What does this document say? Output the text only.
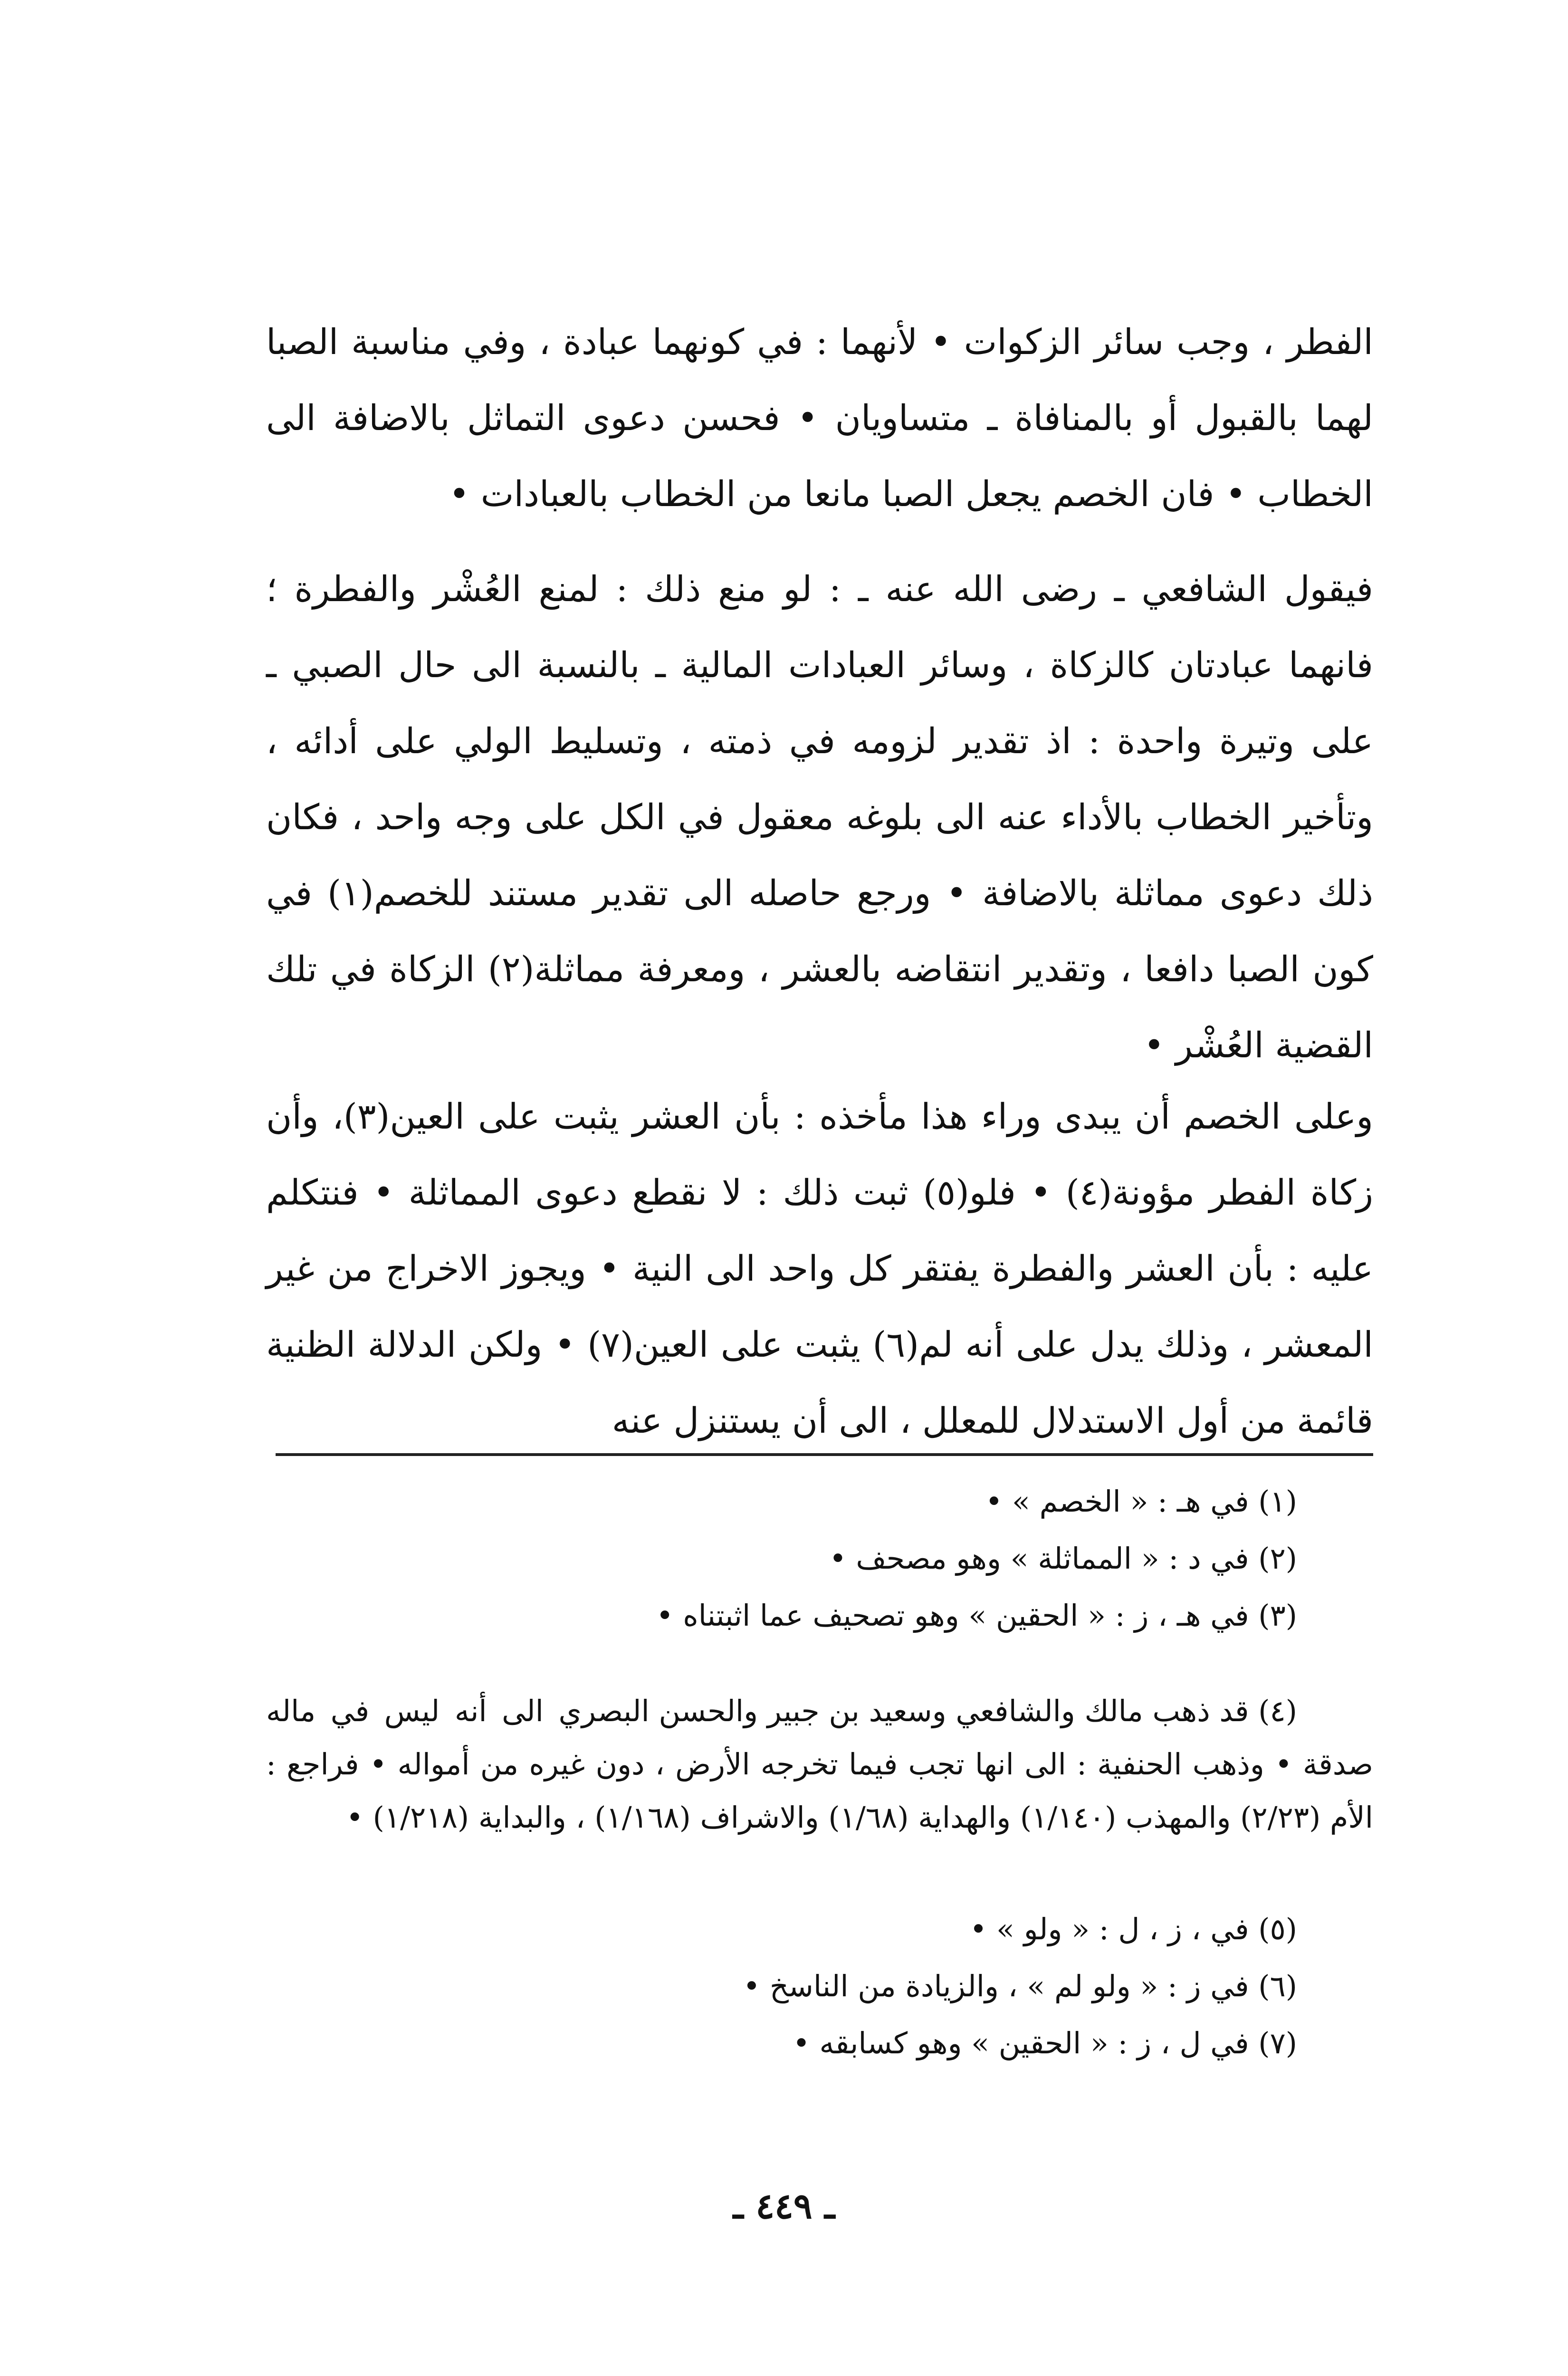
الفطر ، وجب سائر الزكوات • لأنهما : في كونهما عبادة ، وفي مناسبة الصبا لهما بالقبول أو بالمنافاة ـ متساويان • فحسن دعوى التماثل بالاضافة الى الخطاب • فان الخصم يجعل الصبا مانعا من الخطاب بالعبادات •

فيقول الشافعي ـ رضى الله عنه ـ : لو منع ذلك : لمنع العُشْر والفطرة ؛ فانهما عبادتان كالزكاة ، وسائر العبادات المالية ـ بالنسبة الى حال الصبي ـ على وتيرة واحدة : اذ تقدير لزومه في ذمته ، وتسليط الولي على أدائه ، وتأخير الخطاب بالأداء عنه الى بلوغه معقول في الكل على وجه واحد ، فكان ذلك دعوى مماثلة بالاضافة • ورجع حاصله الى تقدير مستند للخصم(١) في كون الصبا دافعا ، وتقدير انتقاضه بالعشر ، ومعرفة مماثلة(٢) الزكاة في تلك القضية العُشْر •

وعلى الخصم أن يبدى وراء هذا مأخذه : بأن العشر يثبت على العين(٣)، وأن زكاة الفطر مؤونة(٤) • فلو(٥) ثبت ذلك : لا نقطع دعوى المماثلة • فنتكلم عليه : بأن العشر والفطرة يفتقر كل واحد الى النية • ويجوز الاخراج من غير المعشر ، وذلك يدل على أنه لم(٦) يثبت على العين(٧) • ولكن الدلالة الظنية قائمة من أول الاستدلال للمعلل ، الى أن يستنزل عنه

(١) في هـ : « الخصم » •

(٢) في د : « المماثلة » وهو مصحف •

(٣) في هـ ، ز : « الحقين » وهو تصحيف عما اثبتناه •

(٤) قد ذهب مالك والشافعي وسعيد بن جبير والحسن البصري الى أنه ليس في ماله صدقة • وذهب الحنفية : الى انها تجب فيما تخرجه الأرض ، دون غيره من أمواله • فراجع : الأم (٢/٢٣) والمهذب (١/١٤٠) والهداية (١/٦٨) والاشراف (١/١٦٨) ، والبداية (١/٢١٨) •

(٥) في ، ز ، ل : « ولو » •

(٦) في ز : « ولو لم » ، والزيادة من الناسخ •

(٧) في ل ، ز : « الحقين » وهو كسابقه •

ـ ٤٤٩ ـ
